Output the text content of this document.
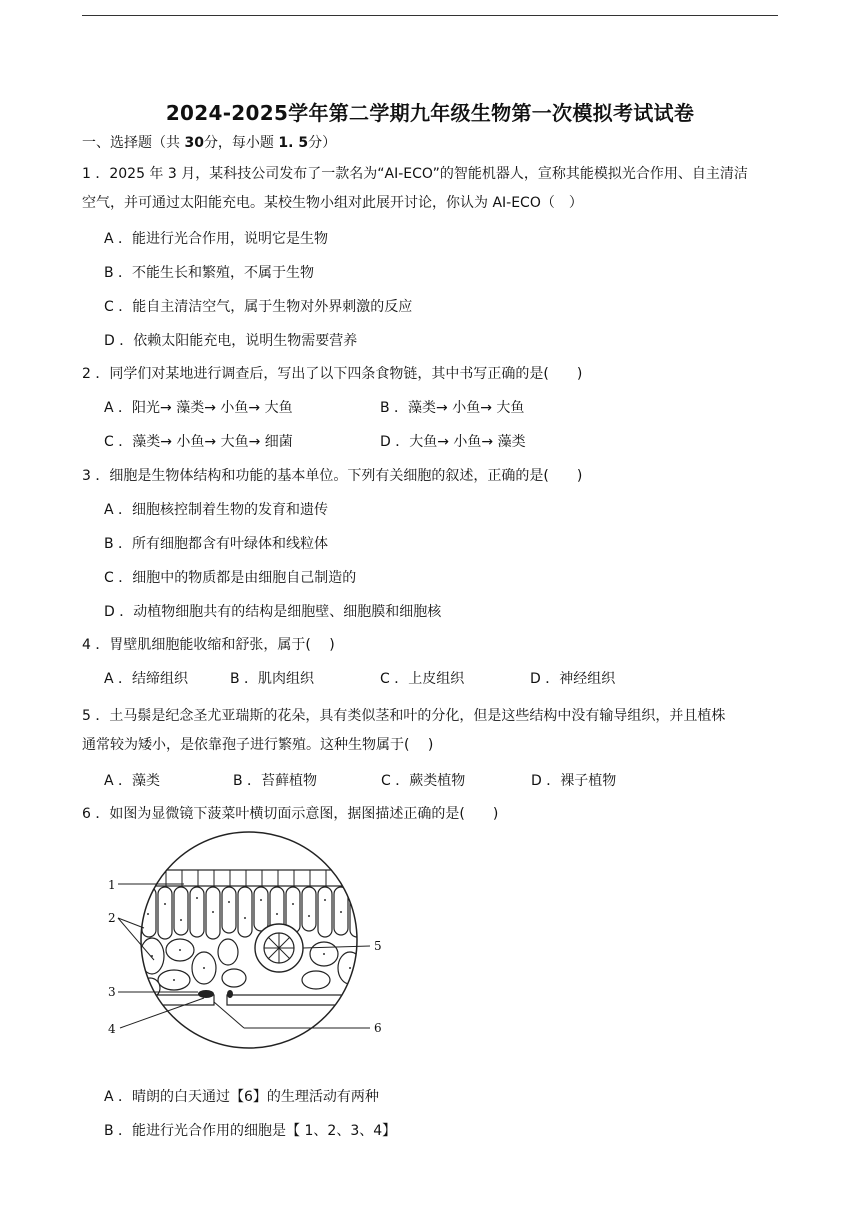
2024-2025学年第二学期九年级生物第一次模拟考试试卷
一、选择题（共 30分，每小题 1. 5分）
1 ．2025 年 3 月，某科技公司发布了一款名为“AI-ECO”的智能机器人，宣称其能模拟光合作用、自主清洁
空气，并可通过太阳能充电。某校生物小组对此展开讨论，你认为 AI-ECO（　）
A ．能进行光合作用，说明它是生物
B ．不能生长和繁殖，不属于生物
C ．能自主清洁空气，属于生物对外界刺激的反应
D ．依赖太阳能充电，说明生物需要营养
2 ．同学们对某地进行调查后，写出了以下四条食物链，其中书写正确的是(　　)
A ．阳光→ 藻类→ 小鱼→ 大鱼	B ．藻类→ 小鱼→ 大鱼
C ．藻类→ 小鱼→ 大鱼→ 细菌	D ．大鱼→ 小鱼→ 藻类
3 ．细胞是生物体结构和功能的基本单位。下列有关细胞的叙述，正确的是(　　)
A ．细胞核控制着生物的发育和遗传
B ．所有细胞都含有叶绿体和线粒体
C ．细胞中的物质都是由细胞自己制造的
D ．动植物细胞共有的结构是细胞壁、细胞膜和细胞核
4 ．胃壁肌细胞能收缩和舒张，属于(　 )
A ．结缔组织	B ．肌肉组织	C ．上皮组织	D ．神经组织
5 ．土马鬃是纪念圣尤亚瑞斯的花朵，具有类似茎和叶的分化，但是这些结构中没有输导组织，并且植株
通常较为矮小，是依靠孢子进行繁殖。这种生物属于(　 )
A ．藻类	B ．苔藓植物	C ．蕨类植物	D ．裸子植物
6 ．如图为显微镜下菠菜叶横切面示意图，据图描述正确的是(　　)
1
2
3
4
5
6
A ．晴朗的白天通过【6】的生理活动有两种
B ．能进行光合作用的细胞是【 1、2、3、4】
